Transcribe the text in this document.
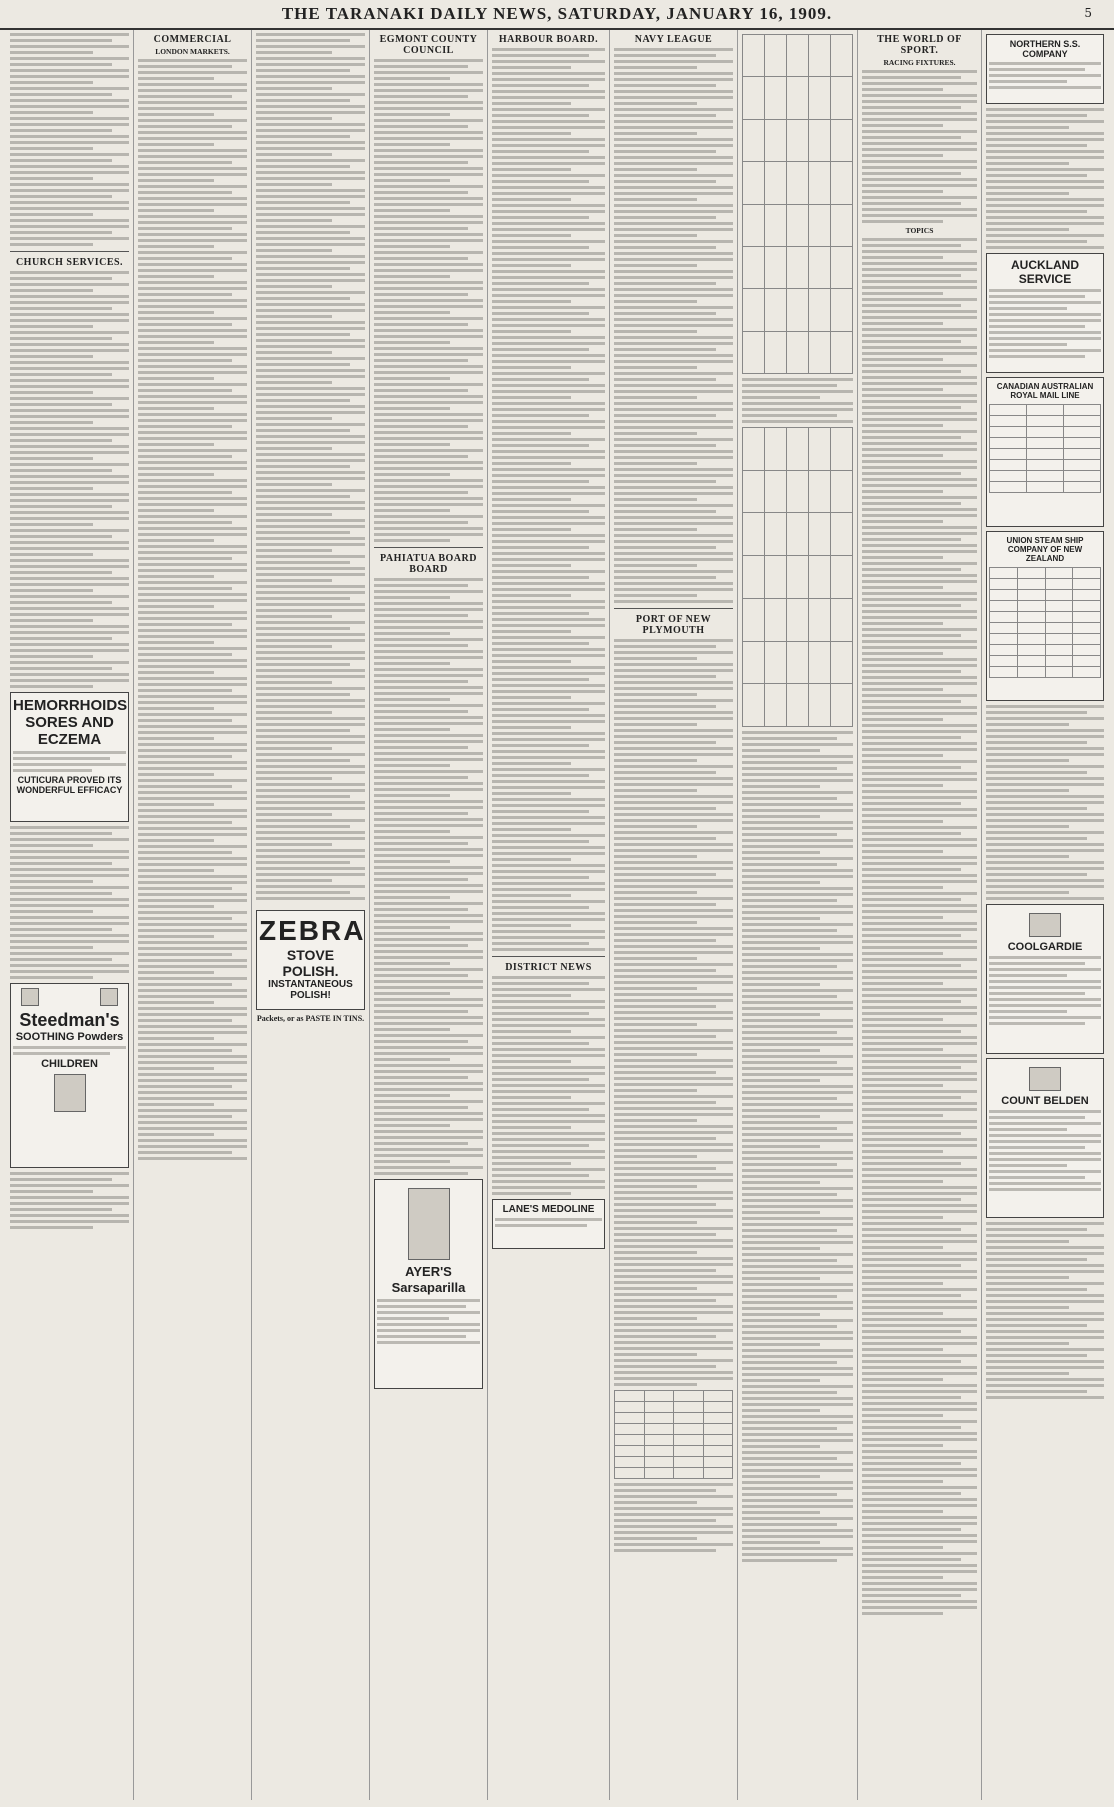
THE TARANAKI DAILY NEWS, SATURDAY, JANUARY 16, 1909.	5
CHURCH SERVICES.
HEMORRHOIDS SORES AND ECZEMA
CUTICURA PROVED ITS WONDERFUL EFFICACY
Steedman's
SOOTHING Powders
CHILDREN
COMMERCIAL
LONDON MARKETS.
ZEBRA
STOVE POLISH.
INSTANTANEOUS POLISH!
Packets, or as PASTE IN TINS.
EGMONT COUNTY COUNCIL
PAHIATUA BOARD BOARD
AYER'S Sarsaparilla
HARBOUR BOARD.
DISTRICT NEWS
LANE'S MEDOLINE
NAVY LEAGUE
PORT OF NEW PLYMOUTH

THE WORLD OF SPORT.
RACING FIXTURES.
TOPICS
NORTHERN S.S. COMPANY
AUCKLAND SERVICE
CANADIAN AUSTRALIAN ROYAL MAIL LINE

UNION STEAM SHIP COMPANY OF NEW ZEALAND

COOLGARDIE
COUNT BELDEN
